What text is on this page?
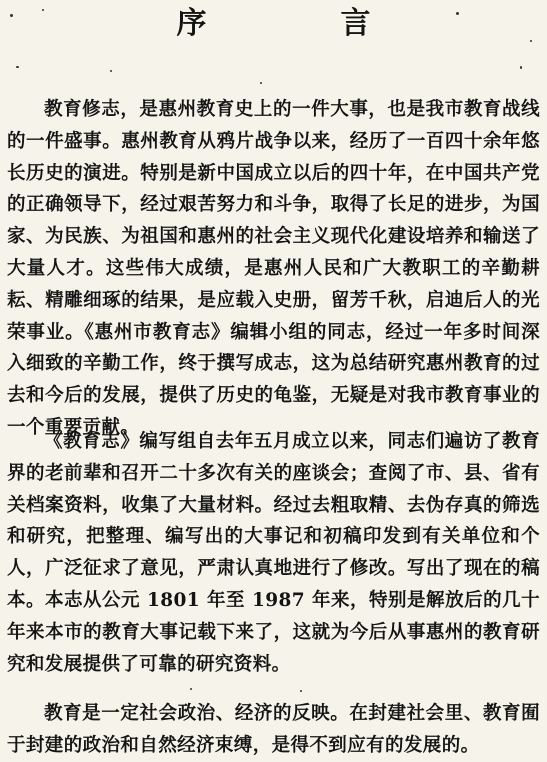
序　言

教育修志，是惠州教育史上的一件大事，也是我市教育战线的一件盛事。惠州教育从鸦片战争以来，经历了一百四十余年悠长历史的演进。特别是新中国成立以后的四十年，在中国共产党的正确领导下，经过艰苦努力和斗争，取得了长足的进步，为国家、为民族、为祖国和惠州的社会主义现代化建设培养和输送了大量人才。这些伟大成绩，是惠州人民和广大教职工的辛勤耕耘、精雕细琢的结果，是应载入史册，留芳千秋，启迪后人的光荣事业。《惠州市教育志》编辑小组的同志，经过一年多时间深入细致的辛勤工作，终于撰写成志，这为总结研究惠州教育的过去和今后的发展，提供了历史的龟鉴，无疑是对我市教育事业的一个重要贡献。

《教育志》编写组自去年五月成立以来，同志们遍访了教育界的老前辈和召开二十多次有关的座谈会；查阅了市、县、省有关档案资料，收集了大量材料。经过去粗取精、去伪存真的筛选和研究，把整理、编写出的大事记和初稿印发到有关单位和个人，广泛征求了意见，严肃认真地进行了修改。写出了现在的稿本。本志从公元 1801 年至 1987 年来，特别是解放后的几十年来本市的教育大事记载下来了，这就为今后从事惠州的教育研究和发展提供了可靠的研究资料。

教育是一定社会政治、经济的反映。在封建社会里、教育囿于封建的政治和自然经济束缚，是得不到应有的发展的。
